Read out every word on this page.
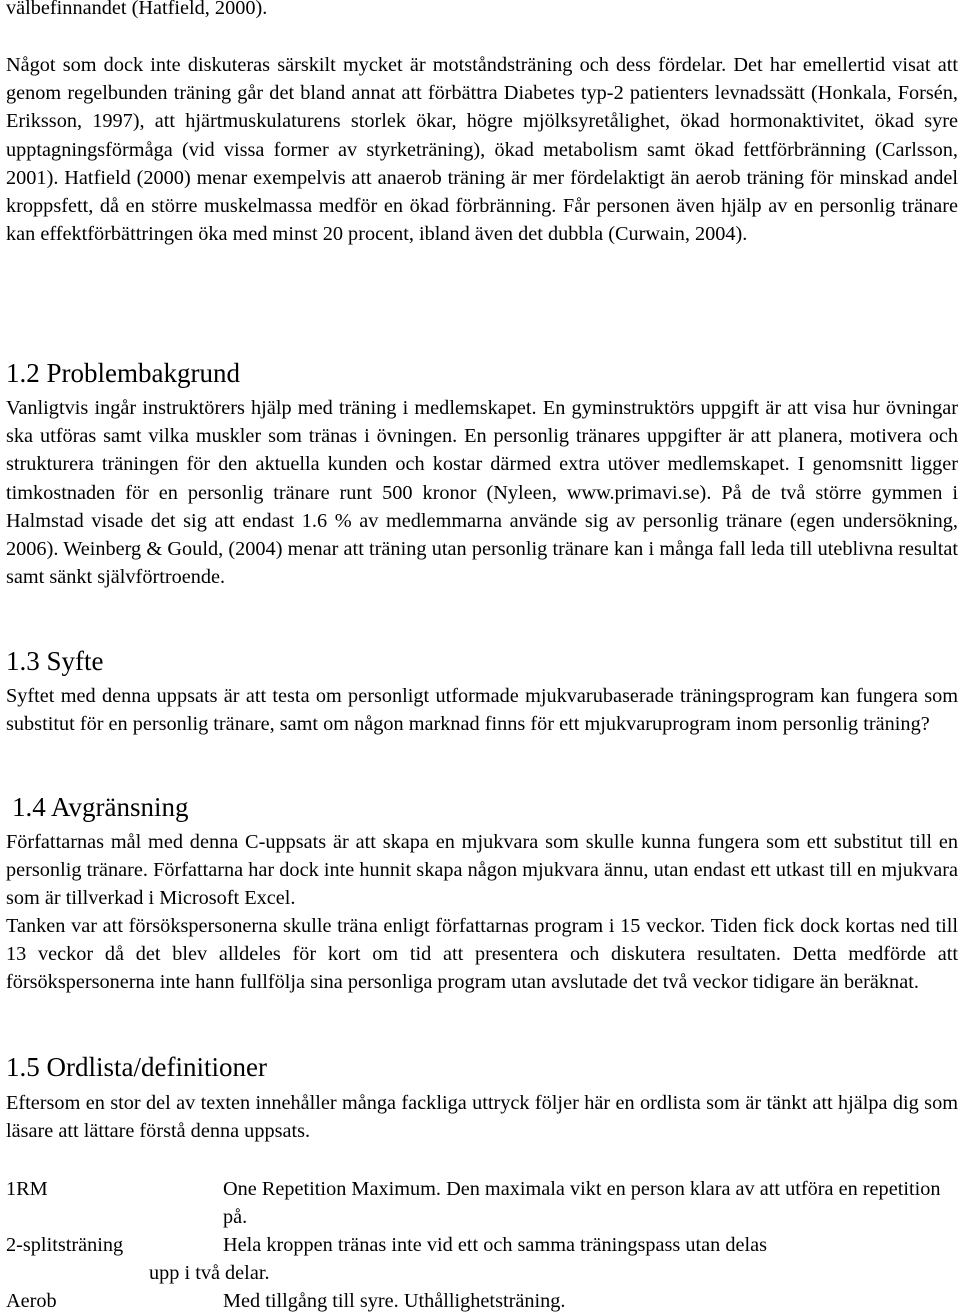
välbefinnandet (Hatfield, 2000).

Något som dock inte diskuteras särskilt mycket är motståndsträning och dess fördelar. Det har emellertid visat att genom regelbunden träning går det bland annat att förbättra Diabetes typ-2 patienters levnadssätt (Honkala, Forsén, Eriksson, 1997), att hjärtmuskulaturens storlek ökar, högre mjölksyretålighet, ökad hormonaktivitet, ökad syre upptagningsförmåga (vid vissa former av styrketräning), ökad metabolism samt ökad fettförbränning (Carlsson, 2001). Hatfield (2000) menar exempelvis att anaerob träning är mer fördelaktigt än aerob träning för minskad andel kroppsfett, då en större muskelmassa medför en ökad förbränning. Får personen även hjälp av en personlig tränare kan effektförbättringen öka med minst 20 procent, ibland även det dubbla (Curwain, 2004).

1.2 Problembakgrund

Vanligtvis ingår instruktörers hjälp med träning i medlemskapet. En gyminstruktörs uppgift är att visa hur övningar ska utföras samt vilka muskler som tränas i övningen. En personlig tränares uppgifter är att planera, motivera och strukturera träningen för den aktuella kunden och kostar därmed extra utöver medlemskapet. I genomsnitt ligger timkostnaden för en personlig tränare runt 500 kronor (Nyleen, www.primavi.se). På de två större gymmen i Halmstad visade det sig att endast 1.6 % av medlemmarna använde sig av personlig tränare (egen undersökning, 2006). Weinberg & Gould, (2004) menar att träning utan personlig tränare kan i många fall leda till uteblivna resultat samt sänkt självförtroende.

1.3 Syfte

Syftet med denna uppsats är att testa om personligt utformade mjukvarubaserade träningsprogram kan fungera som substitut för en personlig tränare, samt om någon marknad finns för ett mjukvaruprogram inom personlig träning?

1.4 Avgränsning

Författarnas mål med denna C-uppsats är att skapa en mjukvara som skulle kunna fungera som ett substitut till en personlig tränare. Författarna har dock inte hunnit skapa någon mjukvara ännu, utan endast ett utkast till en mjukvara som är tillverkad i Microsoft Excel.

Tanken var att försökspersonerna skulle träna enligt författarnas program i 15 veckor. Tiden fick dock kortas ned till 13 veckor då det blev alldeles för kort om tid att presentera och diskutera resultaten. Detta medförde att försökspersonerna inte hann fullfölja sina personliga program utan avslutade det två veckor tidigare än beräknat.

1.5 Ordlista/definitioner

Eftersom en stor del av texten innehåller många fackliga uttryck följer här en ordlista som är tänkt att hjälpa dig som läsare att lättare förstå denna uppsats.

1RM	One Repetition Maximum. Den maximala vikt en person klara av att utföra en repetition på.
2-splitsträning	Hela kroppen tränas inte vid ett och samma träningspass utan delas
upp i två delar.
Aerob	Med tillgång till syre. Uthållighetsträning.
